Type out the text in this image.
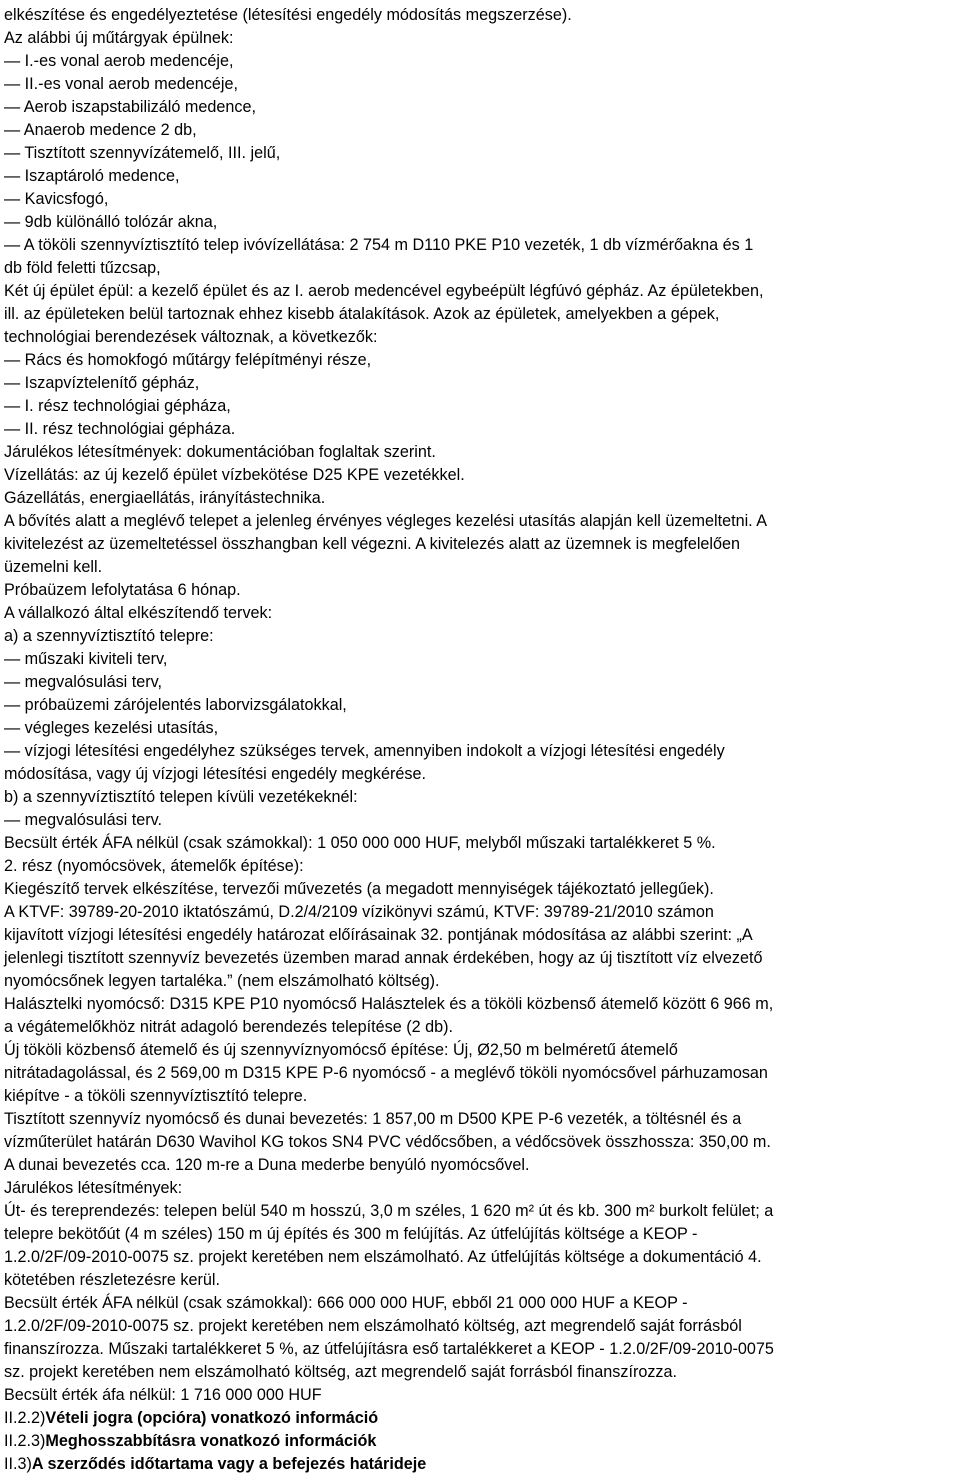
elkészítése és engedélyeztetése (létesítési engedély módosítás megszerzése).
Az alábbi új műtárgyak épülnek:
— I.-es vonal aerob medencéje,
— II.-es vonal aerob medencéje,
— Aerob iszapstabilizáló medence,
— Anaerob medence 2 db,
— Tisztított szennyvízátemelő, III. jelű,
— Iszaptároló medence,
— Kavicsfogó,
— 9db különálló tolózár akna,
— A tököli szennyvíztisztító telep ivóvízellátása: 2 754 m D110 PKE P10 vezeték, 1 db vízmérőakna és 1
db föld feletti tűzcsap,
Két új épület épül: a kezelő épület és az I. aerob medencével egybeépült légfúvó gépház. Az épületekben,
ill. az épületeken belül tartoznak ehhez kisebb átalakítások. Azok az épületek, amelyekben a gépek,
technológiai berendezések változnak, a következők:
— Rács és homokfogó műtárgy felépítményi része,
— Iszapvíztelenítő gépház,
— I. rész technológiai gépháza,
— II. rész technológiai gépháza.
Járulékos létesítmények: dokumentációban foglaltak szerint.
Vízellátás: az új kezelő épület vízbekötése D25 KPE vezetékkel.
Gázellátás, energiaellátás, irányítástechnika.
A bővítés alatt a meglévő telepet a jelenleg érvényes végleges kezelési utasítás alapján kell üzemeltetni. A
kivitelezést az üzemeltetéssel összhangban kell végezni. A kivitelezés alatt az üzemnek is megfelelően
üzemelni kell.
Próbaüzem lefolytatása 6 hónap.
A vállalkozó által elkészítendő tervek:
a) a szennyvíztisztító telepre:
— műszaki kiviteli terv,
— megvalósulási terv,
— próbaüzemi zárójelentés laborvizsgálatokkal,
— végleges kezelési utasítás,
— vízjogi létesítési engedélyhez szükséges tervek, amennyiben indokolt a vízjogi létesítési engedély
módosítása, vagy új vízjogi létesítési engedély megkérése.
b) a szennyvíztisztító telepen kívüli vezetékeknél:
— megvalósulási terv.
Becsült érték ÁFA nélkül (csak számokkal): 1 050 000 000 HUF, melyből műszaki tartalékkeret 5 %.
2. rész (nyomócsövek, átemelők építése):
Kiegészítő tervek elkészítése, tervezői művezetés (a megadott mennyiségek tájékoztató jellegűek).
A KTVF: 39789-20-2010 iktatószámú, D.2/4/2109 vízikönyvi számú, KTVF: 39789-21/2010 számon
kijavított vízjogi létesítési engedély határozat előírásainak 32. pontjának módosítása az alábbi szerint: „A
jelenlegi tisztított szennyvíz bevezetés üzemben marad annak érdekében, hogy az új tisztított víz elvezető
nyomócsőnek legyen tartaléka.” (nem elszámolható költség).
Halásztelki nyomócső: D315 KPE P10 nyomócső Halásztelek és a tököli közbenső átemelő között 6 966 m,
a végátemelőkhöz nitrát adagoló berendezés telepítése (2 db).
Új tököli közbenső átemelő és új szennyvíznyomócső építése: Új, Ø2,50 m belméretű átemelő
nitrátadagolással, és 2 569,00 m D315 KPE P-6 nyomócső - a meglévő tököli nyomócsővel párhuzamosan
kiépítve - a tököli szennyvíztisztító telepre.
Tisztított szennyvíz nyomócső és dunai bevezetés: 1 857,00 m D500 KPE P-6 vezeték, a töltésnél és a
vízműterület határán D630 Wavihol KG tokos SN4 PVC védőcsőben, a védőcsövek összhossza: 350,00 m.
A dunai bevezetés cca. 120 m-re a Duna mederbe benyúló nyomócsővel.
Járulékos létesítmények:
Út- és tereprendezés: telepen belül 540 m hosszú, 3,0 m széles, 1 620 m² út és kb. 300 m² burkolt felület; a
telepre bekötőút (4 m széles) 150 m új építés és 300 m felújítás. Az útfelújítás költsége a KEOP -
1.2.0/2F/09-2010-0075 sz. projekt keretében nem elszámolható. Az útfelújítás költsége a dokumentáció 4.
kötetében részletezésre kerül.
Becsült érték ÁFA nélkül (csak számokkal): 666 000 000 HUF, ebből 21 000 000 HUF a KEOP -
1.2.0/2F/09-2010-0075 sz. projekt keretében nem elszámolható költség, azt megrendelő saját forrásból
finanszírozza. Műszaki tartalékkeret 5 %, az útfelújításra eső tartalékkeret a KEOP - 1.2.0/2F/09-2010-0075
sz. projekt keretében nem elszámolható költség, azt megrendelő saját forrásból finanszírozza.
Becsült érték áfa nélkül: 1 716 000 000 HUF
II.2.2)Vételi jogra (opcióra) vonatkozó információ
II.2.3)Meghosszabbításra vonatkozó információk
II.3)A szerződés időtartama vagy a befejezés határideje
